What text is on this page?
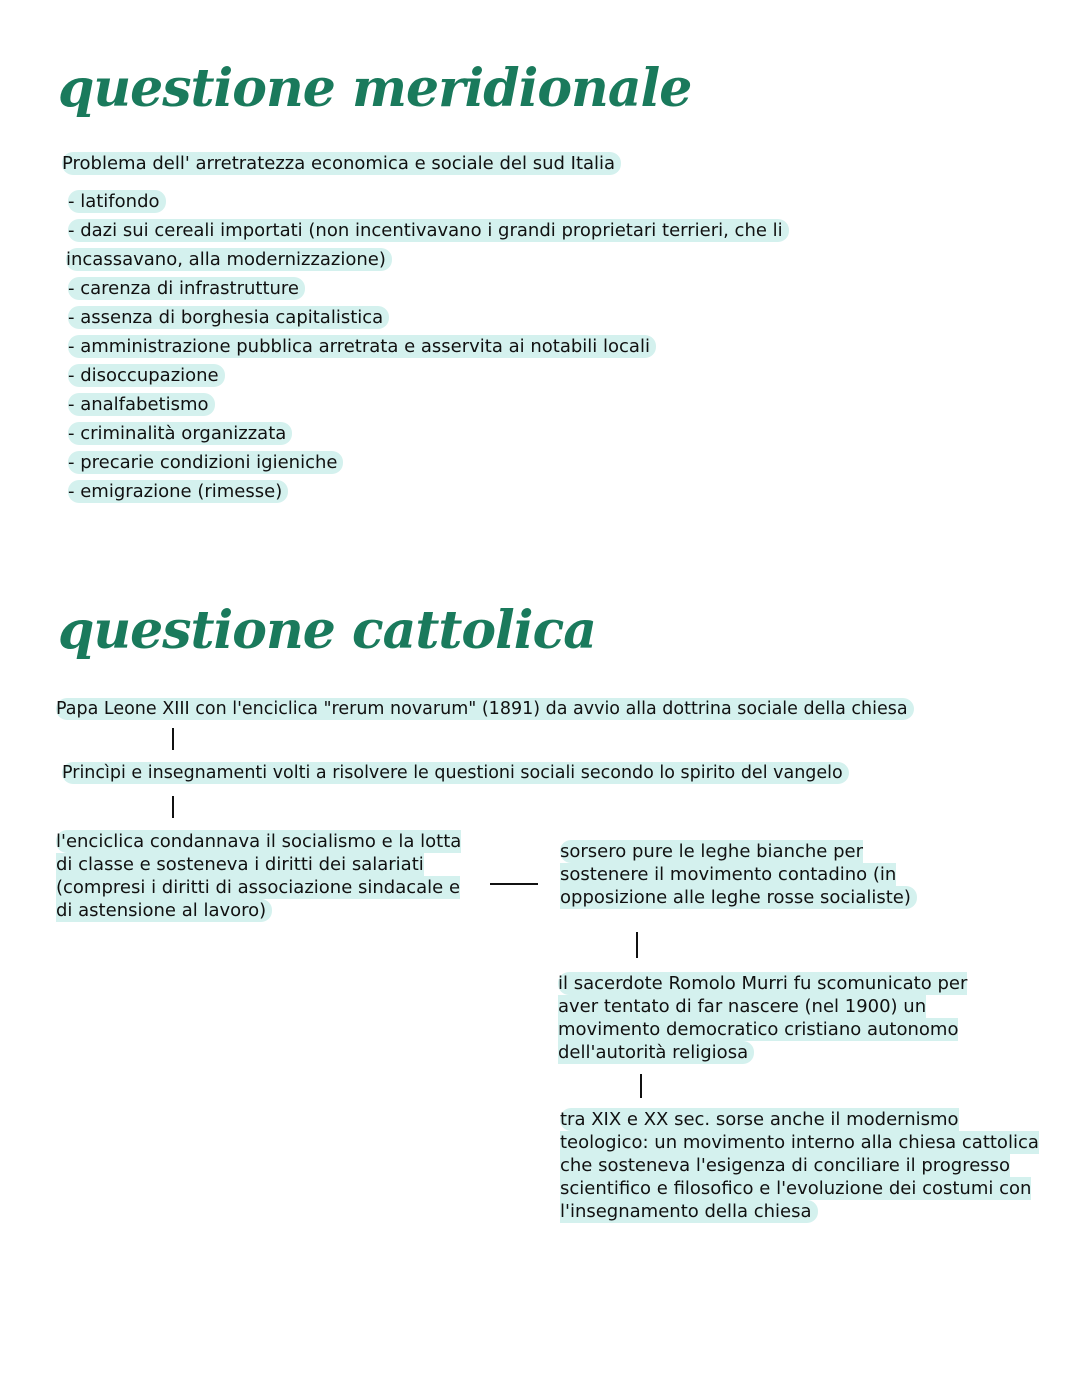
questione meridionale
Problema dell' arretratezza economica e sociale del sud Italia
- latifondo
- dazi sui cereali importati (non incentivavano i grandi proprietari terrieri, che li
incassavano, alla modernizzazione)
- carenza di infrastrutture
- assenza di borghesia capitalistica
- amministrazione pubblica arretrata e asservita ai notabili locali
- disoccupazione
- analfabetismo
- criminalità organizzata
- precarie condizioni igieniche
- emigrazione (rimesse)
questione cattolica
Papa Leone XIII con l'enciclica "rerum novarum" (1891) da avvio alla dottrina sociale della chiesa
Princìpi e insegnamenti volti a risolvere le questioni sociali secondo lo spirito del vangelo

l'enciclica condannava il socialismo e la lotta di classe e sosteneva i diritti dei salariati (compresi i diritti di associazione sindacale e di astensione al lavoro)

sorsero pure le leghe bianche per sostenere il movimento contadino (in opposizione alle leghe rosse socialiste)

il sacerdote Romolo Murri fu scomunicato per aver tentato di far nascere (nel 1900) un movimento democratico cristiano autonomo dell'autorità religiosa

tra XIX e XX sec. sorse anche il modernismo teologico: un movimento interno alla chiesa cattolica che sosteneva l'esigenza di conciliare il progresso scientifico e filosofico e l'evoluzione dei costumi con l'insegnamento della chiesa
